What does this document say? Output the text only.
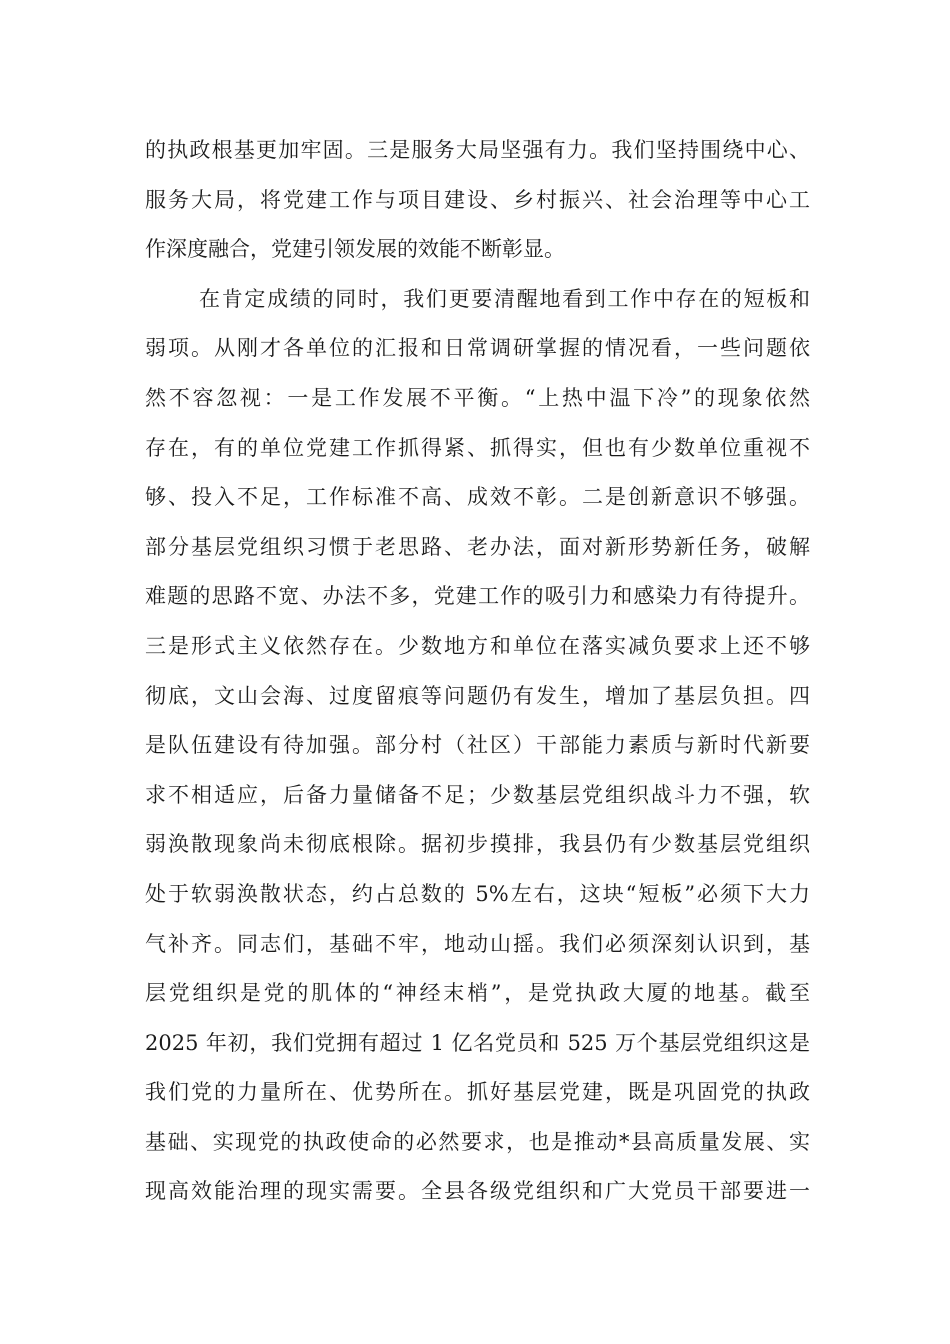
的执政根基更加牢固。三是服务大局坚强有力。我们坚持围绕中心、
服务大局，将党建工作与项目建设、乡村振兴、社会治理等中心工
作深度融合，党建引领发展的效能不断彰显。
在肯定成绩的同时，我们更要清醒地看到工作中存在的短板和
弱项。从刚才各单位的汇报和日常调研掌握的情况看，一些问题依
然不容忽视：一是工作发展不平衡。“上热中温下冷”的现象依然
存在，有的单位党建工作抓得紧、抓得实，但也有少数单位重视不
够、投入不足，工作标准不高、成效不彰。二是创新意识不够强。
部分基层党组织习惯于老思路、老办法，面对新形势新任务，破解
难题的思路不宽、办法不多，党建工作的吸引力和感染力有待提升。
三是形式主义依然存在。少数地方和单位在落实减负要求上还不够
彻底，文山会海、过度留痕等问题仍有发生，增加了基层负担。四
是队伍建设有待加强。部分村（社区）干部能力素质与新时代新要
求不相适应，后备力量储备不足；少数基层党组织战斗力不强，软
弱涣散现象尚未彻底根除。据初步摸排，我县仍有少数基层党组织
处于软弱涣散状态，约占总数的 5%左右，这块“短板”必须下大力
气补齐。同志们，基础不牢，地动山摇。我们必须深刻认识到，基
层党组织是党的肌体的“神经末梢”，是党执政大厦的地基。截至
2025 年初，我们党拥有超过 1 亿名党员和 525 万个基层党组织这是
我们党的力量所在、优势所在。抓好基层党建，既是巩固党的执政
基础、实现党的执政使命的必然要求，也是推动*县高质量发展、实
现高效能治理的现实需要。全县各级党组织和广大党员干部要进一
